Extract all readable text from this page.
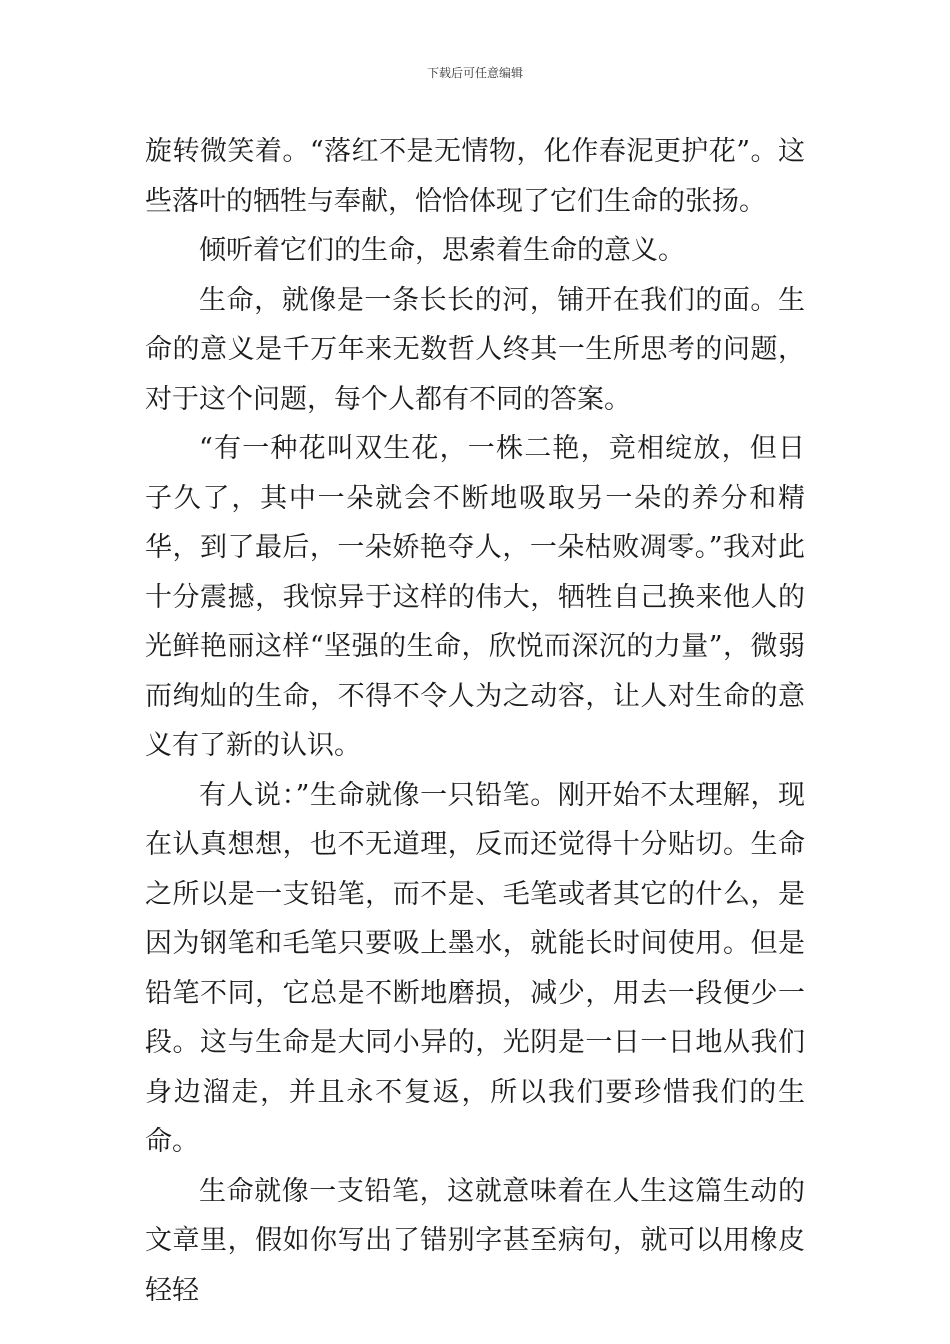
下载后可任意编辑

旋转微笑着。“落红不是无情物，化作春泥更护花”。这些落叶的牺牲与奉献，恰恰体现了它们生命的张扬。

倾听着它们的生命，思索着生命的意义。

生命，就像是一条长长的河，铺开在我们的面。生命的意义是千万年来无数哲人终其一生所思考的问题，对于这个问题，每个人都有不同的答案。

“有一种花叫双生花，一株二艳，竞相绽放，但日子久了，其中一朵就会不断地吸取另一朵的养分和精华，到了最后，一朵娇艳夺人，一朵枯败凋零。”我对此十分震撼，我惊异于这样的伟大，牺牲自己换来他人的光鲜艳丽这样“坚强的生命，欣悦而深沉的力量”，微弱而绚灿的生命，不得不令人为之动容，让人对生命的意义有了新的认识。

有人说：”生命就像一只铅笔。刚开始不太理解，现在认真想想，也不无道理，反而还觉得十分贴切。生命之所以是一支铅笔，而不是、毛笔或者其它的什么，是因为钢笔和毛笔只要吸上墨水，就能长时间使用。但是铅笔不同，它总是不断地磨损，减少，用去一段便少一段。这与生命是大同小异的，光阴是一日一日地从我们身边溜走，并且永不复返，所以我们要珍惜我们的生命。

生命就像一支铅笔，这就意味着在人生这篇生动的文章里，假如你写出了错别字甚至病句，就可以用橡皮轻轻
